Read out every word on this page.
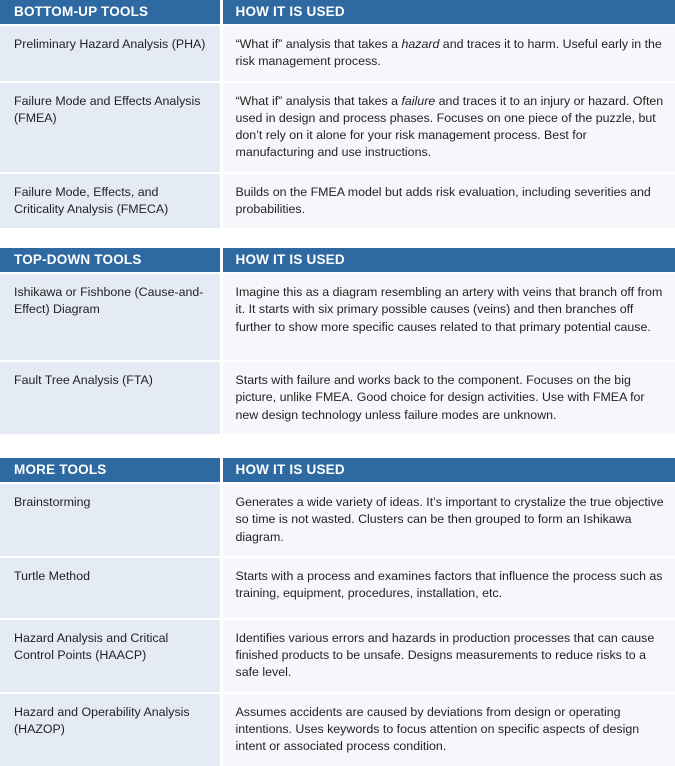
BOTTOM-UP TOOLS	HOW IT IS USED
Preliminary Hazard Analysis (PHA)	“What if” analysis that takes a hazard and traces it to harm. Useful early in the risk management process.
Failure Mode and Effects Analysis (FMEA)	“What if” analysis that takes a failure and traces it to an injury or hazard. Often used in design and process phases. Focuses on one piece of the puzzle, but don’t rely on it alone for your risk management process. Best for manufacturing and use instructions.
Failure Mode, Effects, and Criticality Analysis (FMECA)	Builds on the FMEA model but adds risk evaluation, including severities and probabilities.
TOP-DOWN TOOLS	HOW IT IS USED
Ishikawa or Fishbone (Cause-and-Effect) Diagram	Imagine this as a diagram resembling an artery with veins that branch off from it. It starts with six primary possible causes (veins) and then branches off further to show more specific causes related to that primary potential cause.
Fault Tree Analysis (FTA)	Starts with failure and works back to the component. Focuses on the big picture, unlike FMEA. Good choice for design activities. Use with FMEA for new design technology unless failure modes are unknown.
MORE TOOLS	HOW IT IS USED
Brainstorming	Generates a wide variety of ideas. It’s important to crystalize the true objective so time is not wasted. Clusters can be then grouped to form an Ishikawa diagram.
Turtle Method	Starts with a process and examines factors that influence the process such as training, equipment, procedures, installation, etc.
Hazard Analysis and Critical Control Points (HAACP)	Identifies various errors and hazards in production processes that can cause finished products to be unsafe. Designs measurements to reduce risks to a safe level.
Hazard and Operability Analysis (HAZOP)	Assumes accidents are caused by deviations from design or operating intentions. Uses keywords to focus attention on specific aspects of design intent or associated process condition.
